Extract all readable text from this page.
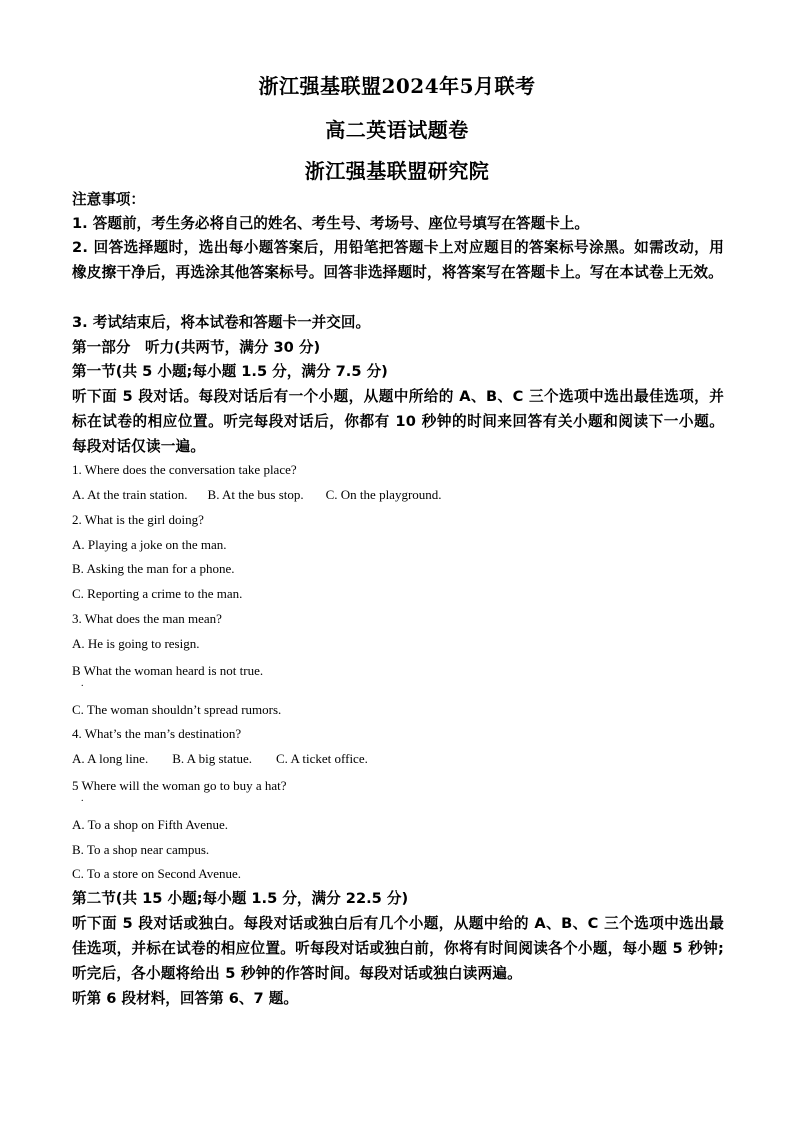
浙江强基联盟2024年5月联考
高二英语试题卷
浙江强基联盟研究院
注意事项：
1. 答题前，考生务必将自己的姓名、考生号、考场号、座位号填写在答题卡上。
2. 回答选择题时，选出每小题答案后，用铅笔把答题卡上对应题目的答案标号涂黑。如需改动，用橡皮擦干净后，再选涂其他答案标号。回答非选择题时，将答案写在答题卡上。写在本试卷上无效。
3. 考试结束后，将本试卷和答题卡一并交回。
第一部分　听力(共两节，满分 30 分)
第一节(共 5 小题;每小题 1.5 分，满分 7.5 分)
听下面 5 段对话。每段对话后有一个小题，从题中所给的 A、B、C 三个选项中选出最佳选项，并标在试卷的相应位置。听完每段对话后，你都有 10 秒钟的时间来回答有关小题和阅读下一小题。每段对话仅读一遍。
1. Where does the conversation take place?
A. At the train station. B. At the bus stop. C. On the playground.
2. What is the girl doing?
A. Playing a joke on the man.
B. Asking the man for a phone.
C. Reporting a crime to the man.
3. What does the man mean?
A. He is going to resign.
B What the woman heard is not true.
.
C. The woman shouldn’t spread rumors.
4. What’s the man’s destination?
A. A long line. B. A big statue. C. A ticket office.
5 Where will the woman go to buy a hat?
.
A. To a shop on Fifth Avenue.
B. To a shop near campus.
C. To a store on Second Avenue.
第二节(共 15 小题;每小题 1.5 分，满分 22.5 分)
听下面 5 段对话或独白。每段对话或独白后有几个小题，从题中给的 A、B、C 三个选项中选出最佳选项，并标在试卷的相应位置。听每段对话或独白前，你将有时间阅读各个小题，每小题 5 秒钟;听完后，各小题将给出 5 秒钟的作答时间。每段对话或独白读两遍。
听第 6 段材料，回答第 6、7 题。
